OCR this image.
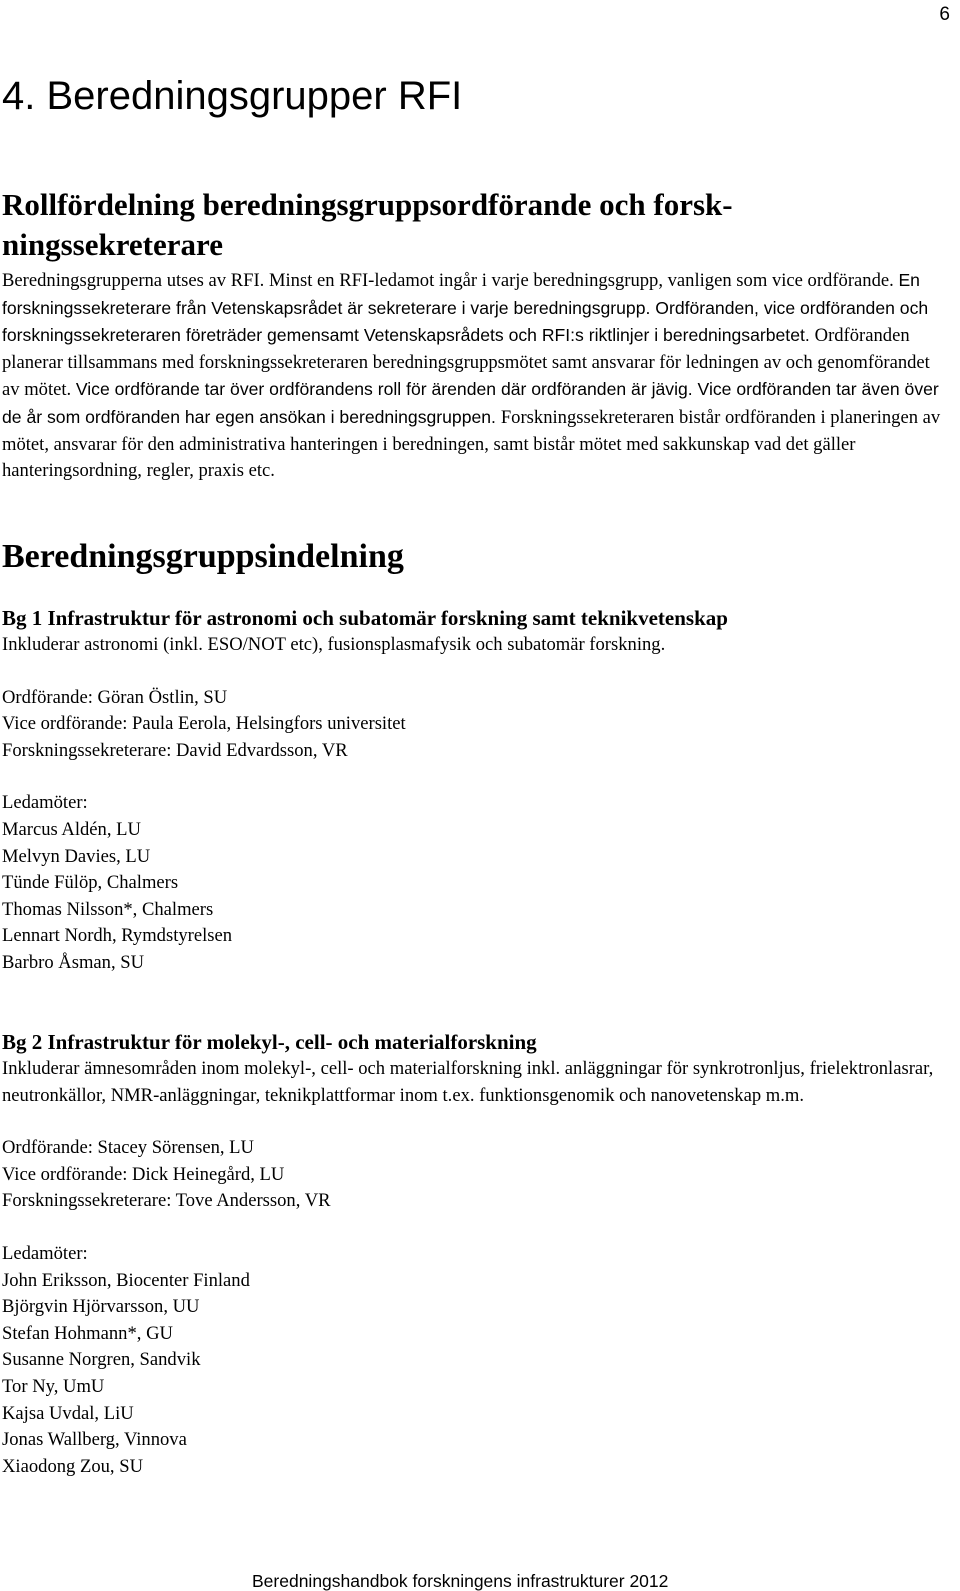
6
4. Beredningsgrupper RFI
Rollfördelning beredningsgruppsordförande och forsk-ningssekreterare

Beredningsgrupperna utses av RFI. Minst en RFI-ledamot ingår i varje beredningsgrupp, vanligen som vice ordförande. En forskningssekreterare från Vetenskapsrådet är sekreterare i varje beredningsgrupp. Ordföranden, vice ordföranden och forskningssekreteraren företräder gemensamt Vetenskapsrådets och RFI:s riktlinjer i beredningsarbetet. Ordföranden planerar tillsammans med forskningssekreteraren beredningsgruppsmötet samt ansvarar för ledningen av och genomförandet av mötet. Vice ordförande tar över ordförandens roll för ärenden där ordföranden är jävig. Vice ordföranden tar även över de år som ordföranden har egen ansökan i beredningsgruppen. Forskningssekreteraren bistår ordföranden i planeringen av mötet, ansvarar för den administrativa hanteringen i beredningen, samt bistår mötet med sakkunskap vad det gäller hanteringsordning, regler, praxis etc.

Beredningsgruppsindelning
Bg 1 Infrastruktur för astronomi och subatomär forskning samt teknikvetenskap

Inkluderar astronomi (inkl. ESO/NOT etc), fusionsplasmafysik och subatomär forskning.

Ordförande: Göran Östlin, SU
Vice ordförande: Paula Eerola, Helsingfors universitet
Forskningssekreterare: David Edvardsson, VR
Ledamöter:
Marcus Aldén, LU
Melvyn Davies, LU
Tünde Fülöp, Chalmers
Thomas Nilsson*, Chalmers
Lennart Nordh, Rymdstyrelsen
Barbro Åsman, SU
Bg 2 Infrastruktur för molekyl-, cell- och materialforskning

Inkluderar ämnesområden inom molekyl-, cell- och materialforskning inkl. anläggningar för synkrotronljus, frielektronlasrar, neutronkällor, NMR-anläggningar, teknikplattformar inom t.ex. funktionsgenomik och nanovetenskap m.m.

Ordförande: Stacey Sörensen, LU
Vice ordförande: Dick Heinegård, LU
Forskningssekreterare: Tove Andersson, VR
Ledamöter:
John Eriksson, Biocenter Finland
Björgvin Hjörvarsson, UU
Stefan Hohmann*, GU
Susanne Norgren, Sandvik
Tor Ny, UmU
Kajsa Uvdal, LiU
Jonas Wallberg, Vinnova
Xiaodong Zou, SU
Beredningshandbok forskningens infrastrukturer 2012
